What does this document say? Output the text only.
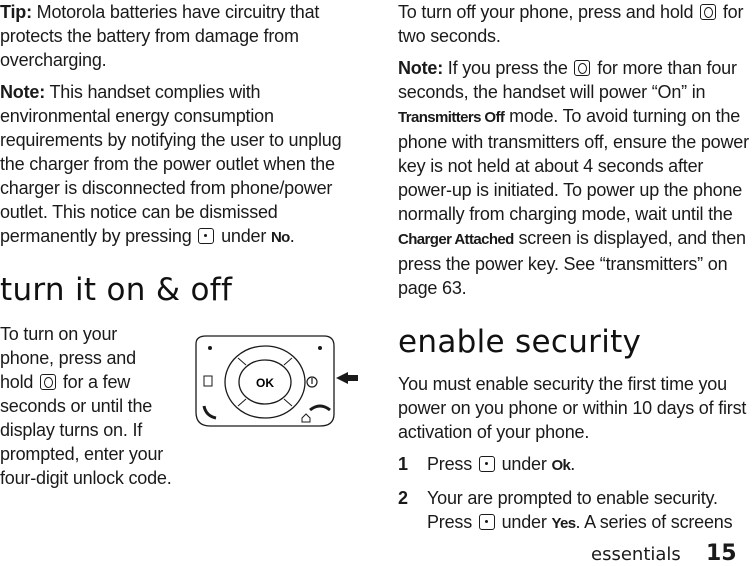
Tip: Motorola batteries have circuitry that protects the battery from damage from overcharging.

Note: This handset complies with environmental energy consumption requirements by notifying the user to unplug the charger from the power outlet when the charger is disconnected from phone/power outlet. This notice can be dismissed permanently by pressing  under No.

turn it on & off

To turn on your phone, press and hold  for a few seconds or until the display turns on. If prompted, enter your four-digit unlock code.

OK

To turn off your phone, press and hold  for two seconds.

Note: If you press the  for more than four seconds, the handset will power “On” in Transmitters Off mode. To avoid turning on the phone with transmitters off, ensure the power key is not held at about 4 seconds after power-up is initiated. To power up the phone normally from charging mode, wait until the Charger Attached screen is displayed, and then press the power key. See “transmitters” on page 63.

enable security

You must enable security the first time you power on you phone or within 10 days of first activation of your phone.

1	Press  under Ok.
2	Your are prompted to enable security. Press  under Yes. A series of screens
essentials 15
